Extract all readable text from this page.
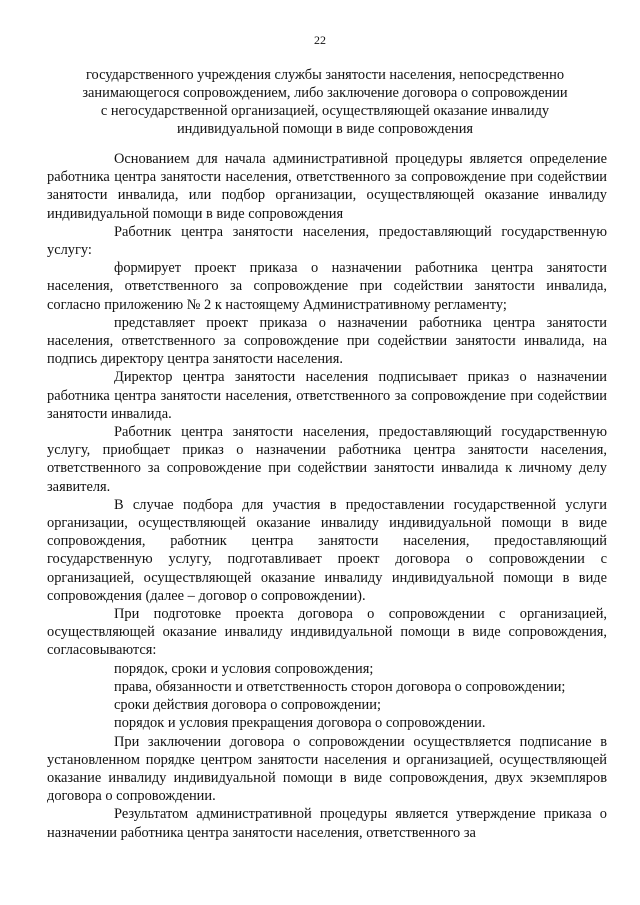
22
государственного учреждения службы занятости населения, непосредственно занимающегося сопровождением, либо заключение договора о сопровождении с негосударственной организацией, осуществляющей оказание инвалиду индивидуальной помощи в виде сопровождения

Основанием для начала административной процедуры является определение работника центра занятости населения, ответственного за сопровождение при содействии занятости инвалида, или подбор организации, осуществляющей оказание инвалиду индивидуальной помощи в виде сопровождения

Работник центра занятости населения, предоставляющий государственную услугу:

формирует проект приказа о назначении работника центра занятости населения, ответственного за сопровождение при содействии занятости инвалида, согласно приложению № 2 к настоящему Административному регламенту;

представляет проект приказа о назначении работника центра занятости населения, ответственного за сопровождение при содействии занятости инвалида, на подпись директору центра занятости населения.

Директор центра занятости населения подписывает приказ о назначении работника центра занятости населения, ответственного за сопровождение при содействии занятости инвалида.

Работник центра занятости населения, предоставляющий государственную услугу, приобщает приказ о назначении работника центра занятости населения, ответственного за сопровождение при содействии занятости инвалида к личному делу заявителя.

В случае подбора для участия в предоставлении государственной услуги организации, осуществляющей оказание инвалиду индивидуальной помощи в виде сопровождения, работник центра занятости населения, предоставляющий государственную услугу, подготавливает проект договора о сопровождении с организацией, осуществляющей оказание инвалиду индивидуальной помощи в виде сопровождения (далее – договор о сопровождении).

При подготовке проекта договора о сопровождении с организацией, осуществляющей оказание инвалиду индивидуальной помощи в виде сопровождения, согласовываются:

порядок, сроки и условия сопровождения;

права, обязанности и ответственность сторон договора о сопровождении;

сроки действия договора о сопровождении;

порядок и условия прекращения договора о сопровождении.

При заключении договора о сопровождении осуществляется подписание в установленном порядке центром занятости населения и организацией, осуществляющей оказание инвалиду индивидуальной помощи в виде сопровождения, двух экземпляров договора о сопровождении.

Результатом административной процедуры является утверждение приказа о назначении работника центра занятости населения, ответственного за
